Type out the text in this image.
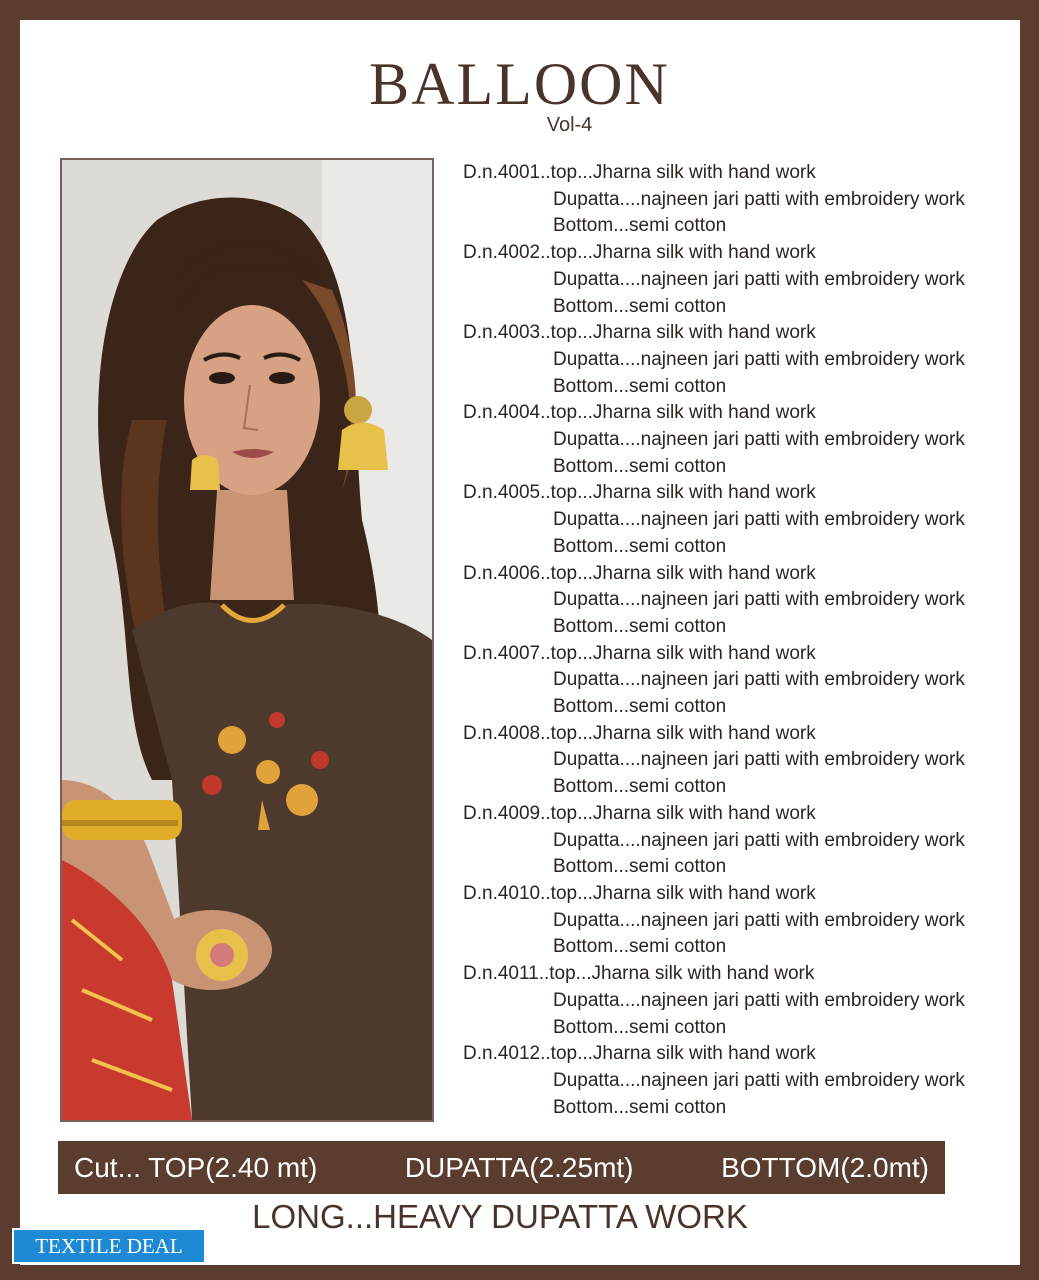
BALLOON
Vol-4
D.n.4001..top...Jharna silk with hand work
Dupatta....najneen jari patti with embroidery work
Bottom...semi cotton
D.n.4002..top...Jharna silk with hand work
Dupatta....najneen jari patti with embroidery work
Bottom...semi cotton
D.n.4003..top...Jharna silk with hand work
Dupatta....najneen jari patti with embroidery work
Bottom...semi cotton
D.n.4004..top...Jharna silk with hand work
Dupatta....najneen jari patti with embroidery work
Bottom...semi cotton
D.n.4005..top...Jharna silk with hand work
Dupatta....najneen jari patti with embroidery work
Bottom...semi cotton
D.n.4006..top...Jharna silk with hand work
Dupatta....najneen jari patti with embroidery work
Bottom...semi cotton
D.n.4007..top...Jharna silk with hand work
Dupatta....najneen jari patti with embroidery work
Bottom...semi cotton
D.n.4008..top...Jharna silk with hand work
Dupatta....najneen jari patti with embroidery work
Bottom...semi cotton
D.n.4009..top...Jharna silk with hand work
Dupatta....najneen jari patti with embroidery work
Bottom...semi cotton
D.n.4010..top...Jharna silk with hand work
Dupatta....najneen jari patti with embroidery work
Bottom...semi cotton
D.n.4011..top...Jharna silk with hand work
Dupatta....najneen jari patti with embroidery work
Bottom...semi cotton
D.n.4012..top...Jharna silk with hand work
Dupatta....najneen jari patti with embroidery work
Bottom...semi cotton
Cut... TOP(2.40 mt)	DUPATTA(2.25mt)	BOTTOM(2.0mt)
LONG...HEAVY DUPATTA WORK
TEXTILE DEAL
